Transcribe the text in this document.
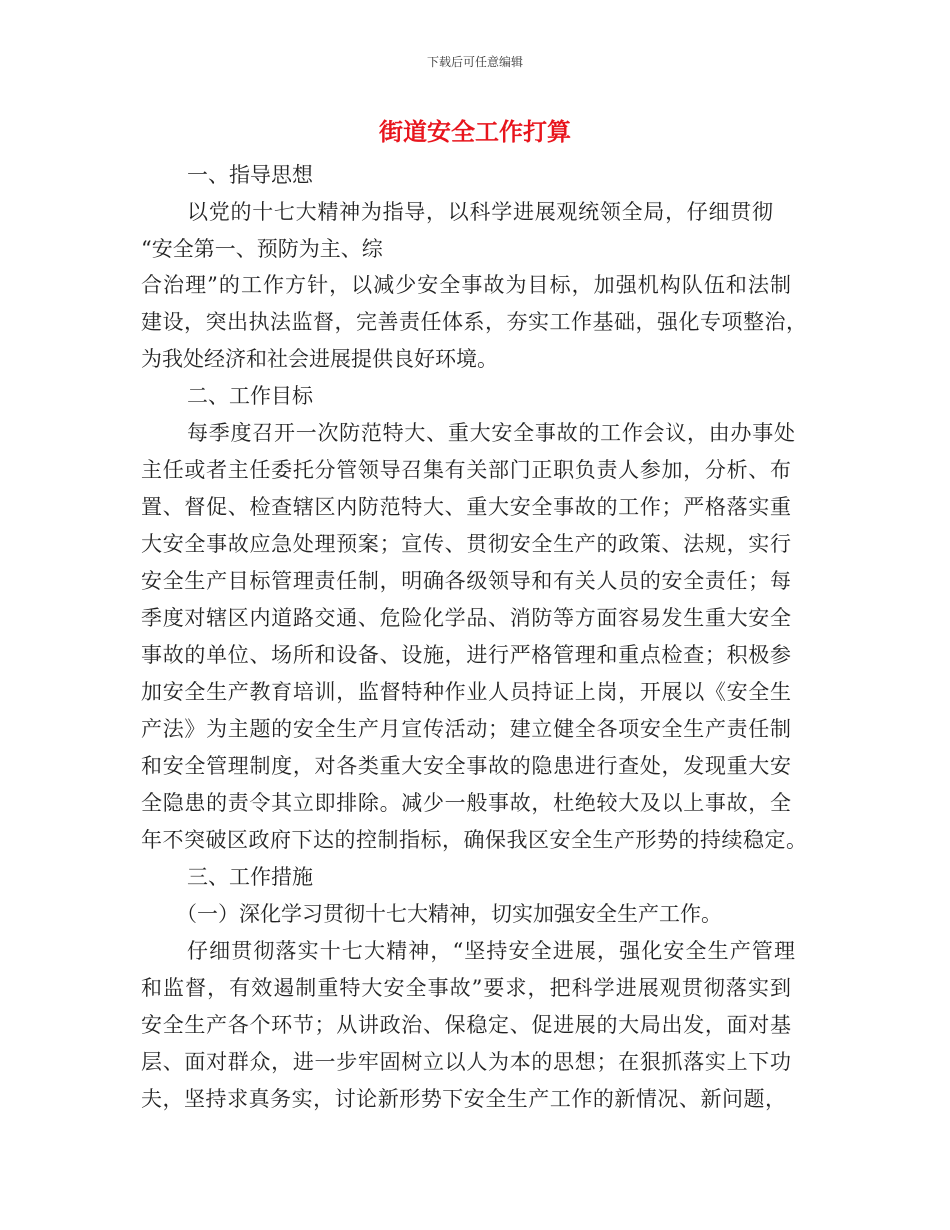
下载后可任意编辑
街道安全工作打算
一、指导思想
以党的十七大精神为指导，以科学进展观统领全局，仔细贯彻
“安全第一、预防为主、综
合治理”的工作方针，以减少安全事故为目标，加强机构队伍和法制
建设，突出执法监督，完善责任体系，夯实工作基础，强化专项整治，
为我处经济和社会进展提供良好环境。
二、工作目标
每季度召开一次防范特大、重大安全事故的工作会议，由办事处
主任或者主任委托分管领导召集有关部门正职负责人参加，分析、布
置、督促、检查辖区内防范特大、重大安全事故的工作；严格落实重
大安全事故应急处理预案；宣传、贯彻安全生产的政策、法规，实行
安全生产目标管理责任制，明确各级领导和有关人员的安全责任；每
季度对辖区内道路交通、危险化学品、消防等方面容易发生重大安全
事故的单位、场所和设备、设施，进行严格管理和重点检查；积极参
加安全生产教育培训，监督特种作业人员持证上岗，开展以《安全生
产法》为主题的安全生产月宣传活动；建立健全各项安全生产责任制
和安全管理制度，对各类重大安全事故的隐患进行查处，发现重大安
全隐患的责令其立即排除。减少一般事故，杜绝较大及以上事故，全
年不突破区政府下达的控制指标，确保我区安全生产形势的持续稳定。
三、工作措施
（一）深化学习贯彻十七大精神，切实加强安全生产工作。
仔细贯彻落实十七大精神，“坚持安全进展，强化安全生产管理
和监督，有效遏制重特大安全事故”要求，把科学进展观贯彻落实到
安全生产各个环节；从讲政治、保稳定、促进展的大局出发，面对基
层、面对群众，进一步牢固树立以人为本的思想；在狠抓落实上下功
夫，坚持求真务实，讨论新形势下安全生产工作的新情况、新问题，
